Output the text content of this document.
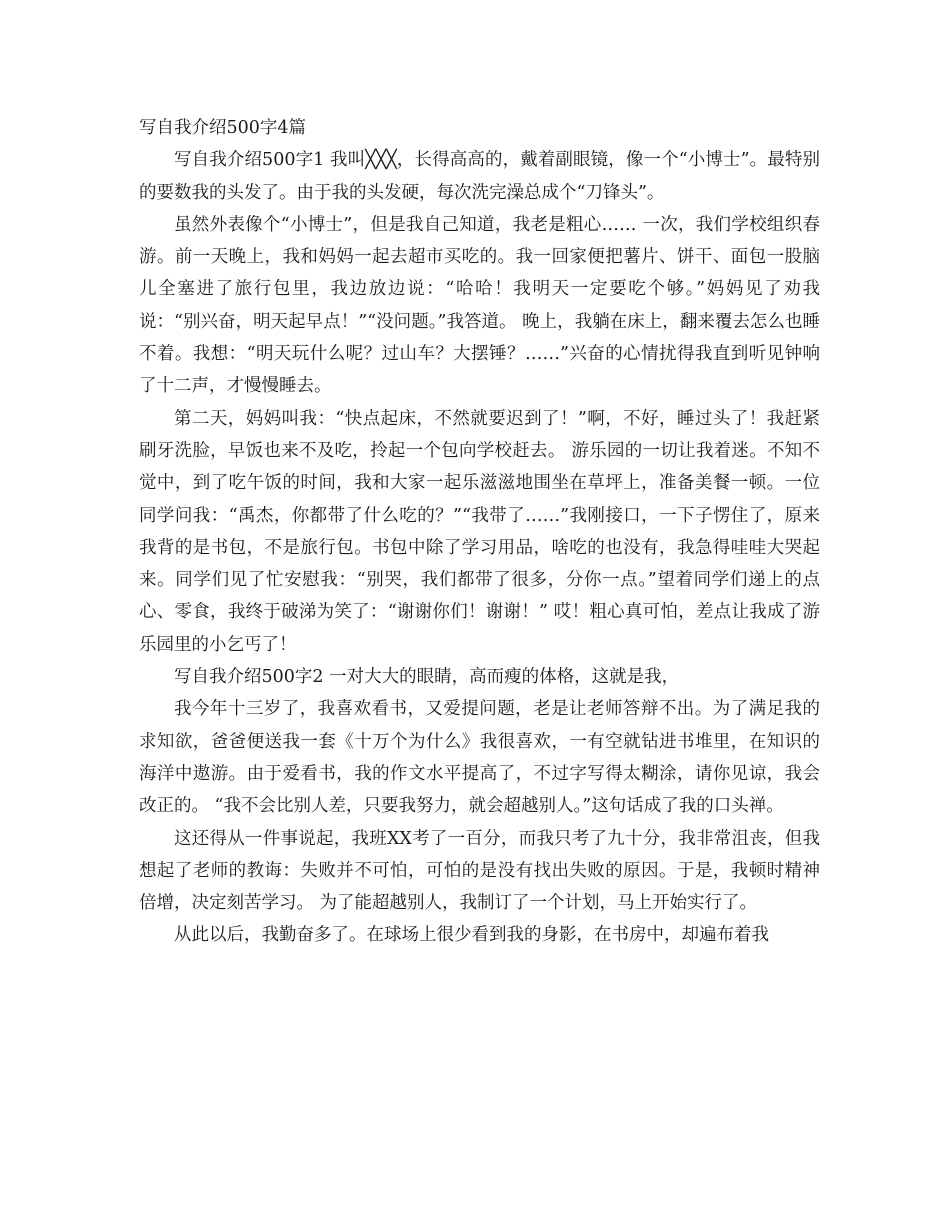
写自我介绍500字4篇

写自我介绍500字1 我叫╳╳╳，长得高高的，戴着副眼镜，像一个“小博士”。最特别的要数我的头发了。由于我的头发硬，每次洗完澡总成个“刀锋头”。

虽然外表像个“小博士”，但是我自己知道，我老是粗心…… 一次，我们学校组织春游。前一天晚上，我和妈妈一起去超市买吃的。我一回家便把薯片、饼干、面包一股脑儿全塞进了旅行包里，我边放边说：“哈哈！我明天一定要吃个够。”妈妈见了劝我说：“别兴奋，明天起早点！”“没问题。”我答道。 晚上，我躺在床上，翻来覆去怎么也睡不着。我想：“明天玩什么呢？过山车？大摆锤？……”兴奋的心情扰得我直到听见钟响了十二声，才慢慢睡去。

第二天，妈妈叫我：“快点起床，不然就要迟到了！”啊，不好，睡过头了！我赶紧刷牙洗脸，早饭也来不及吃，拎起一个包向学校赶去。 游乐园的一切让我着迷。不知不觉中，到了吃午饭的时间，我和大家一起乐滋滋地围坐在草坪上，准备美餐一顿。一位同学问我：“禹杰，你都带了什么吃的？”“我带了……”我刚接口，一下子愣住了，原来我背的是书包，不是旅行包。书包中除了学习用品，啥吃的也没有，我急得哇哇大哭起来。同学们见了忙安慰我：“别哭，我们都带了很多，分你一点。”望着同学们递上的点心、零食，我终于破涕为笑了：“谢谢你们！谢谢！” 哎！粗心真可怕，差点让我成了游乐园里的小乞丐了！

写自我介绍500字2 一对大大的眼睛，高而瘦的体格，这就是我，

我今年十三岁了，我喜欢看书，又爱提问题，老是让老师答辩不出。为了满足我的求知欲，爸爸便送我一套《十万个为什么》我很喜欢，一有空就钻进书堆里，在知识的海洋中遨游。由于爱看书，我的作文水平提高了，不过字写得太糊涂，请你见谅，我会改正的。 “我不会比别人差，只要我努力，就会超越别人。”这句话成了我的口头禅。

这还得从一件事说起，我班XX考了一百分，而我只考了九十分，我非常沮丧，但我想起了老师的教诲：失败并不可怕，可怕的是没有找出失败的原因。于是，我顿时精神倍增，决定刻苦学习。 为了能超越别人，我制订了一个计划，马上开始实行了。

从此以后，我勤奋多了。在球场上很少看到我的身影，在书房中，却遍布着我
